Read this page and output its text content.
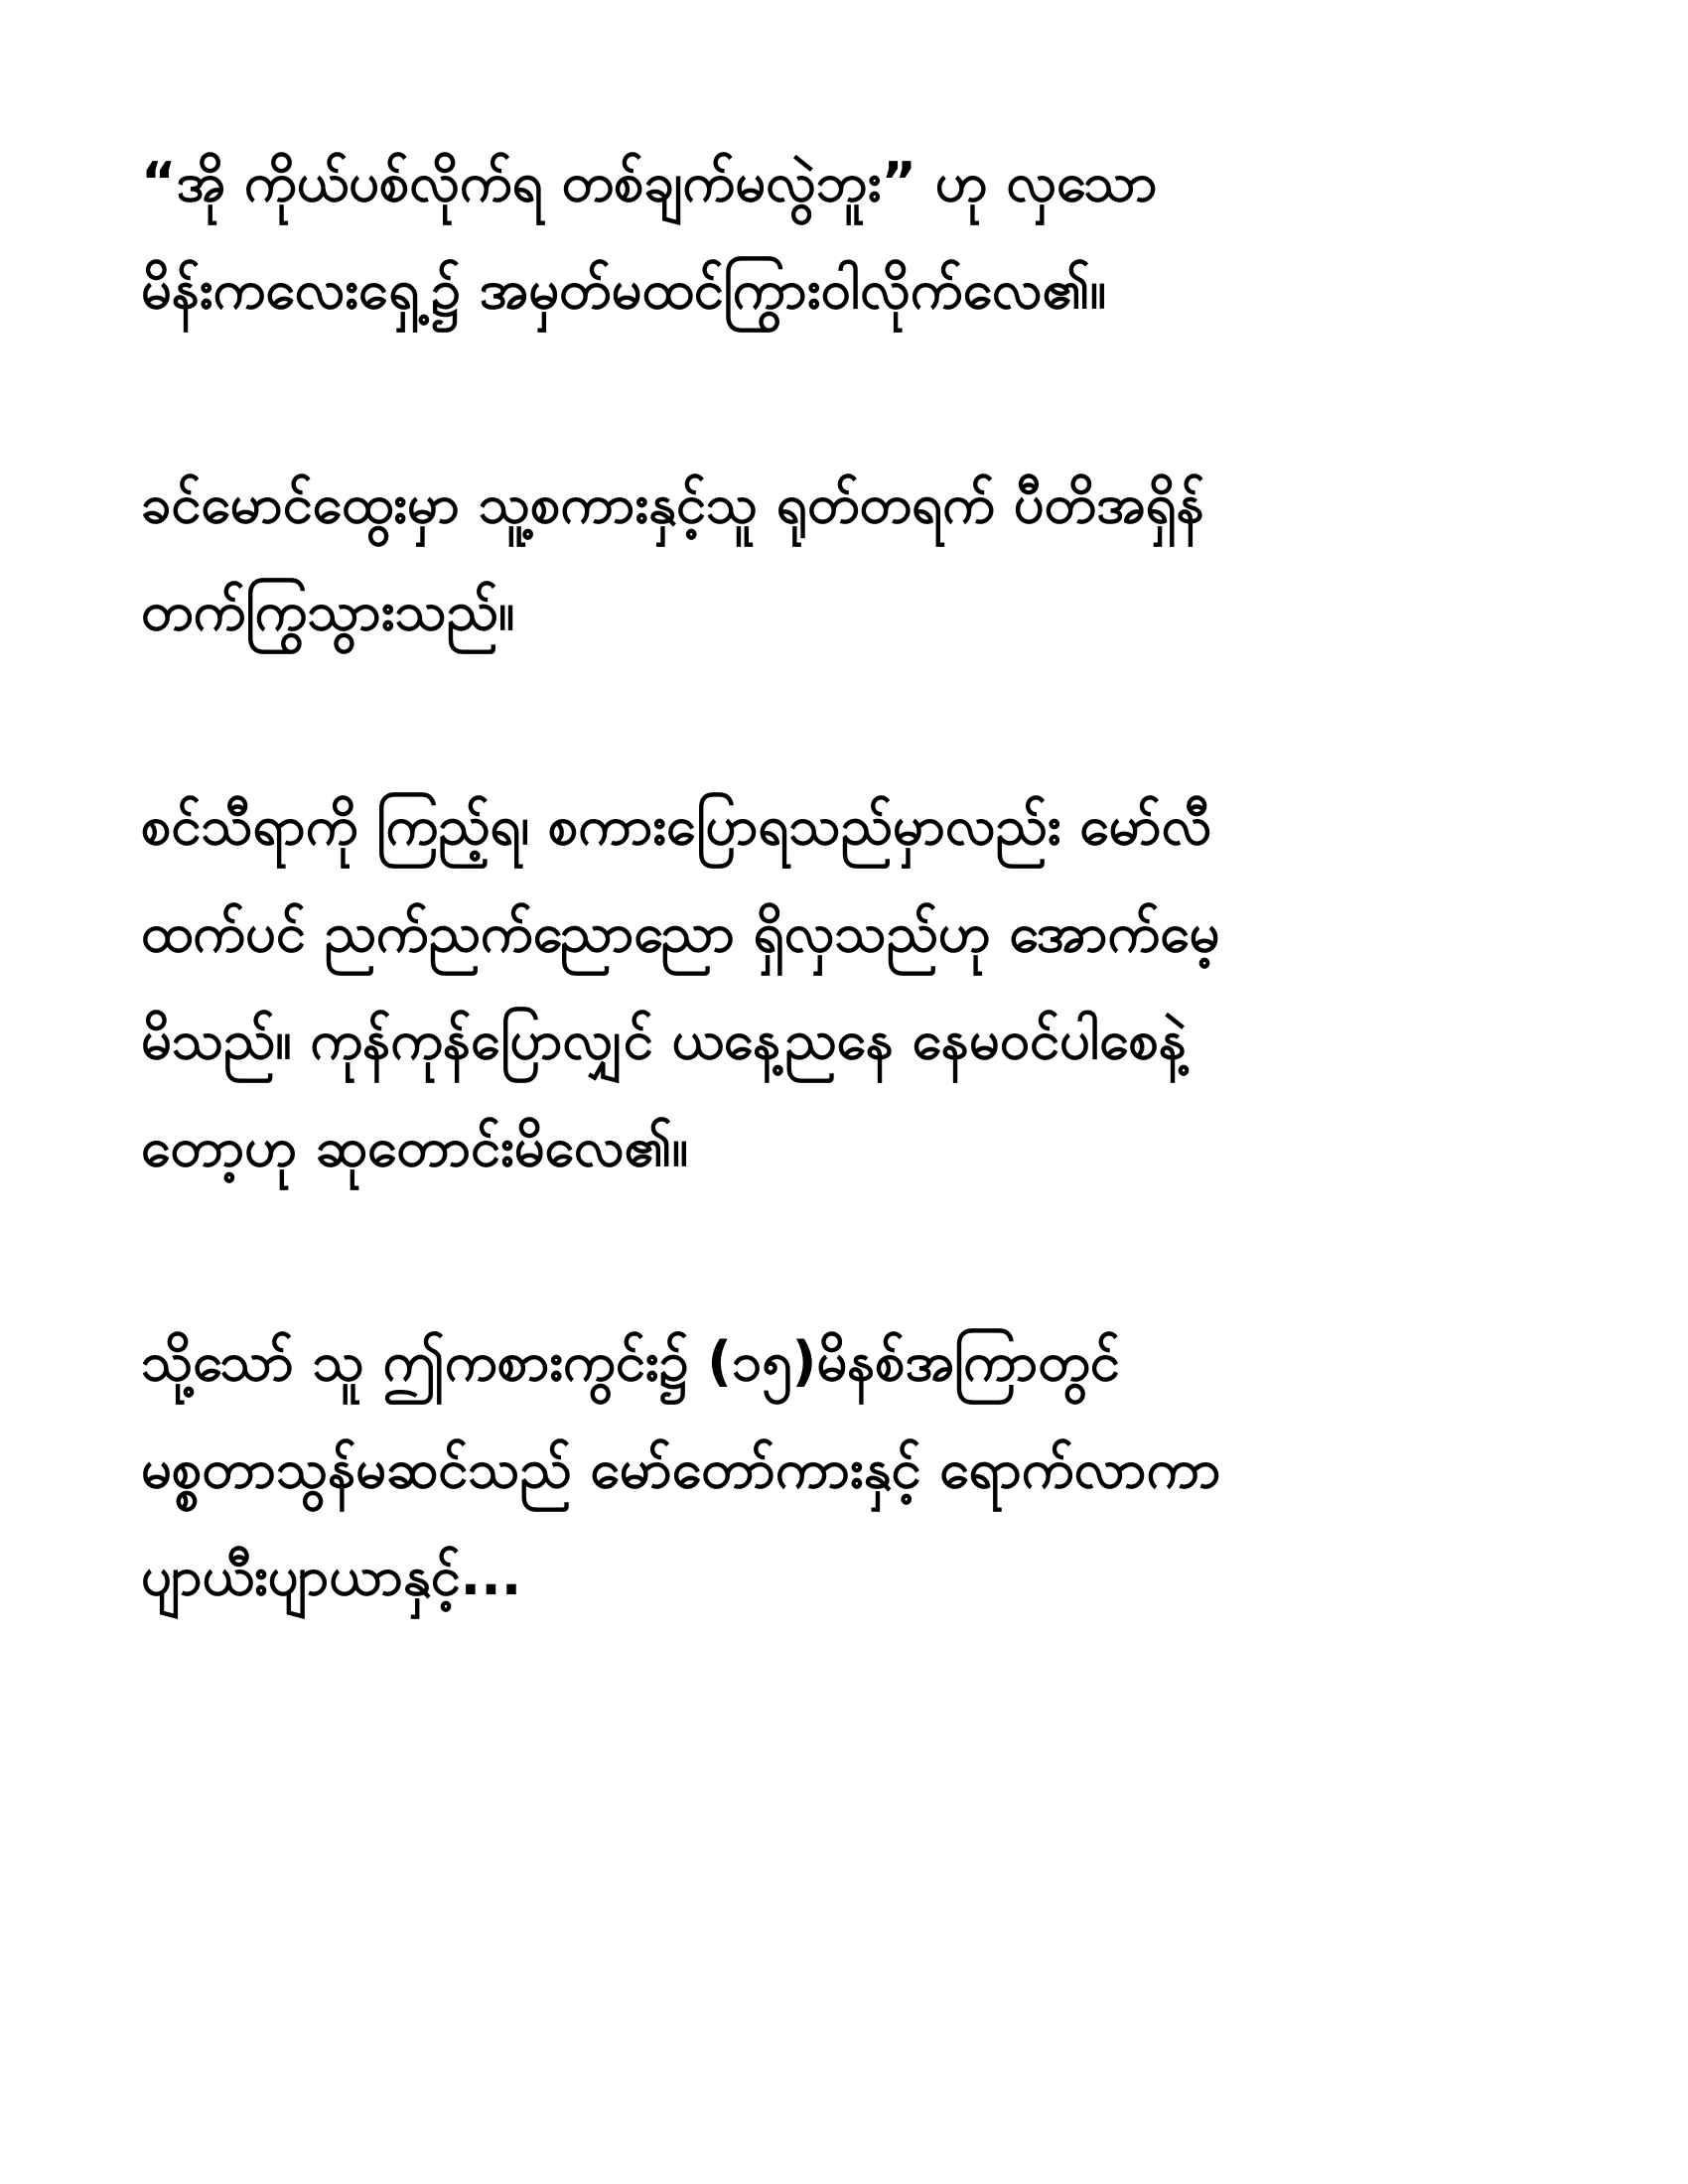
“အို ကိုယ်ပစ်လိုက်ရ တစ်ချက်မလွဲဘူး” ဟု လှသော
မိန်းကလေးရှေ့၌ အမှတ်မထင်ကြွားဝါလိုက်လေ၏။
ခင်မောင်ထွေးမှာ သူ့စကားနှင့်သူ ရုတ်တရက် ပီတိအရှိန်
တက်ကြွသွားသည်။
စင်သီရာကို ကြည့်ရ၊ စကားပြောရသည်မှာလည်း မော်လီ
ထက်ပင် ညက်ညက်ညောညော ရှိလှသည်ဟု အောက်မေ့
မိသည်။ ကုန်ကုန်ပြောလျှင် ယနေ့ညနေ နေမဝင်ပါစေနဲ့
တော့ဟု ဆုတောင်းမိလေ၏။
သို့သော် သူ ဤကစားကွင်း၌ (၁၅)မိနစ်အကြာတွင်
မစ္စတာသွန်မဆင်သည် မော်တော်ကားနှင့် ရောက်လာကာ
ပျာယီးပျာယာနှင့်...
